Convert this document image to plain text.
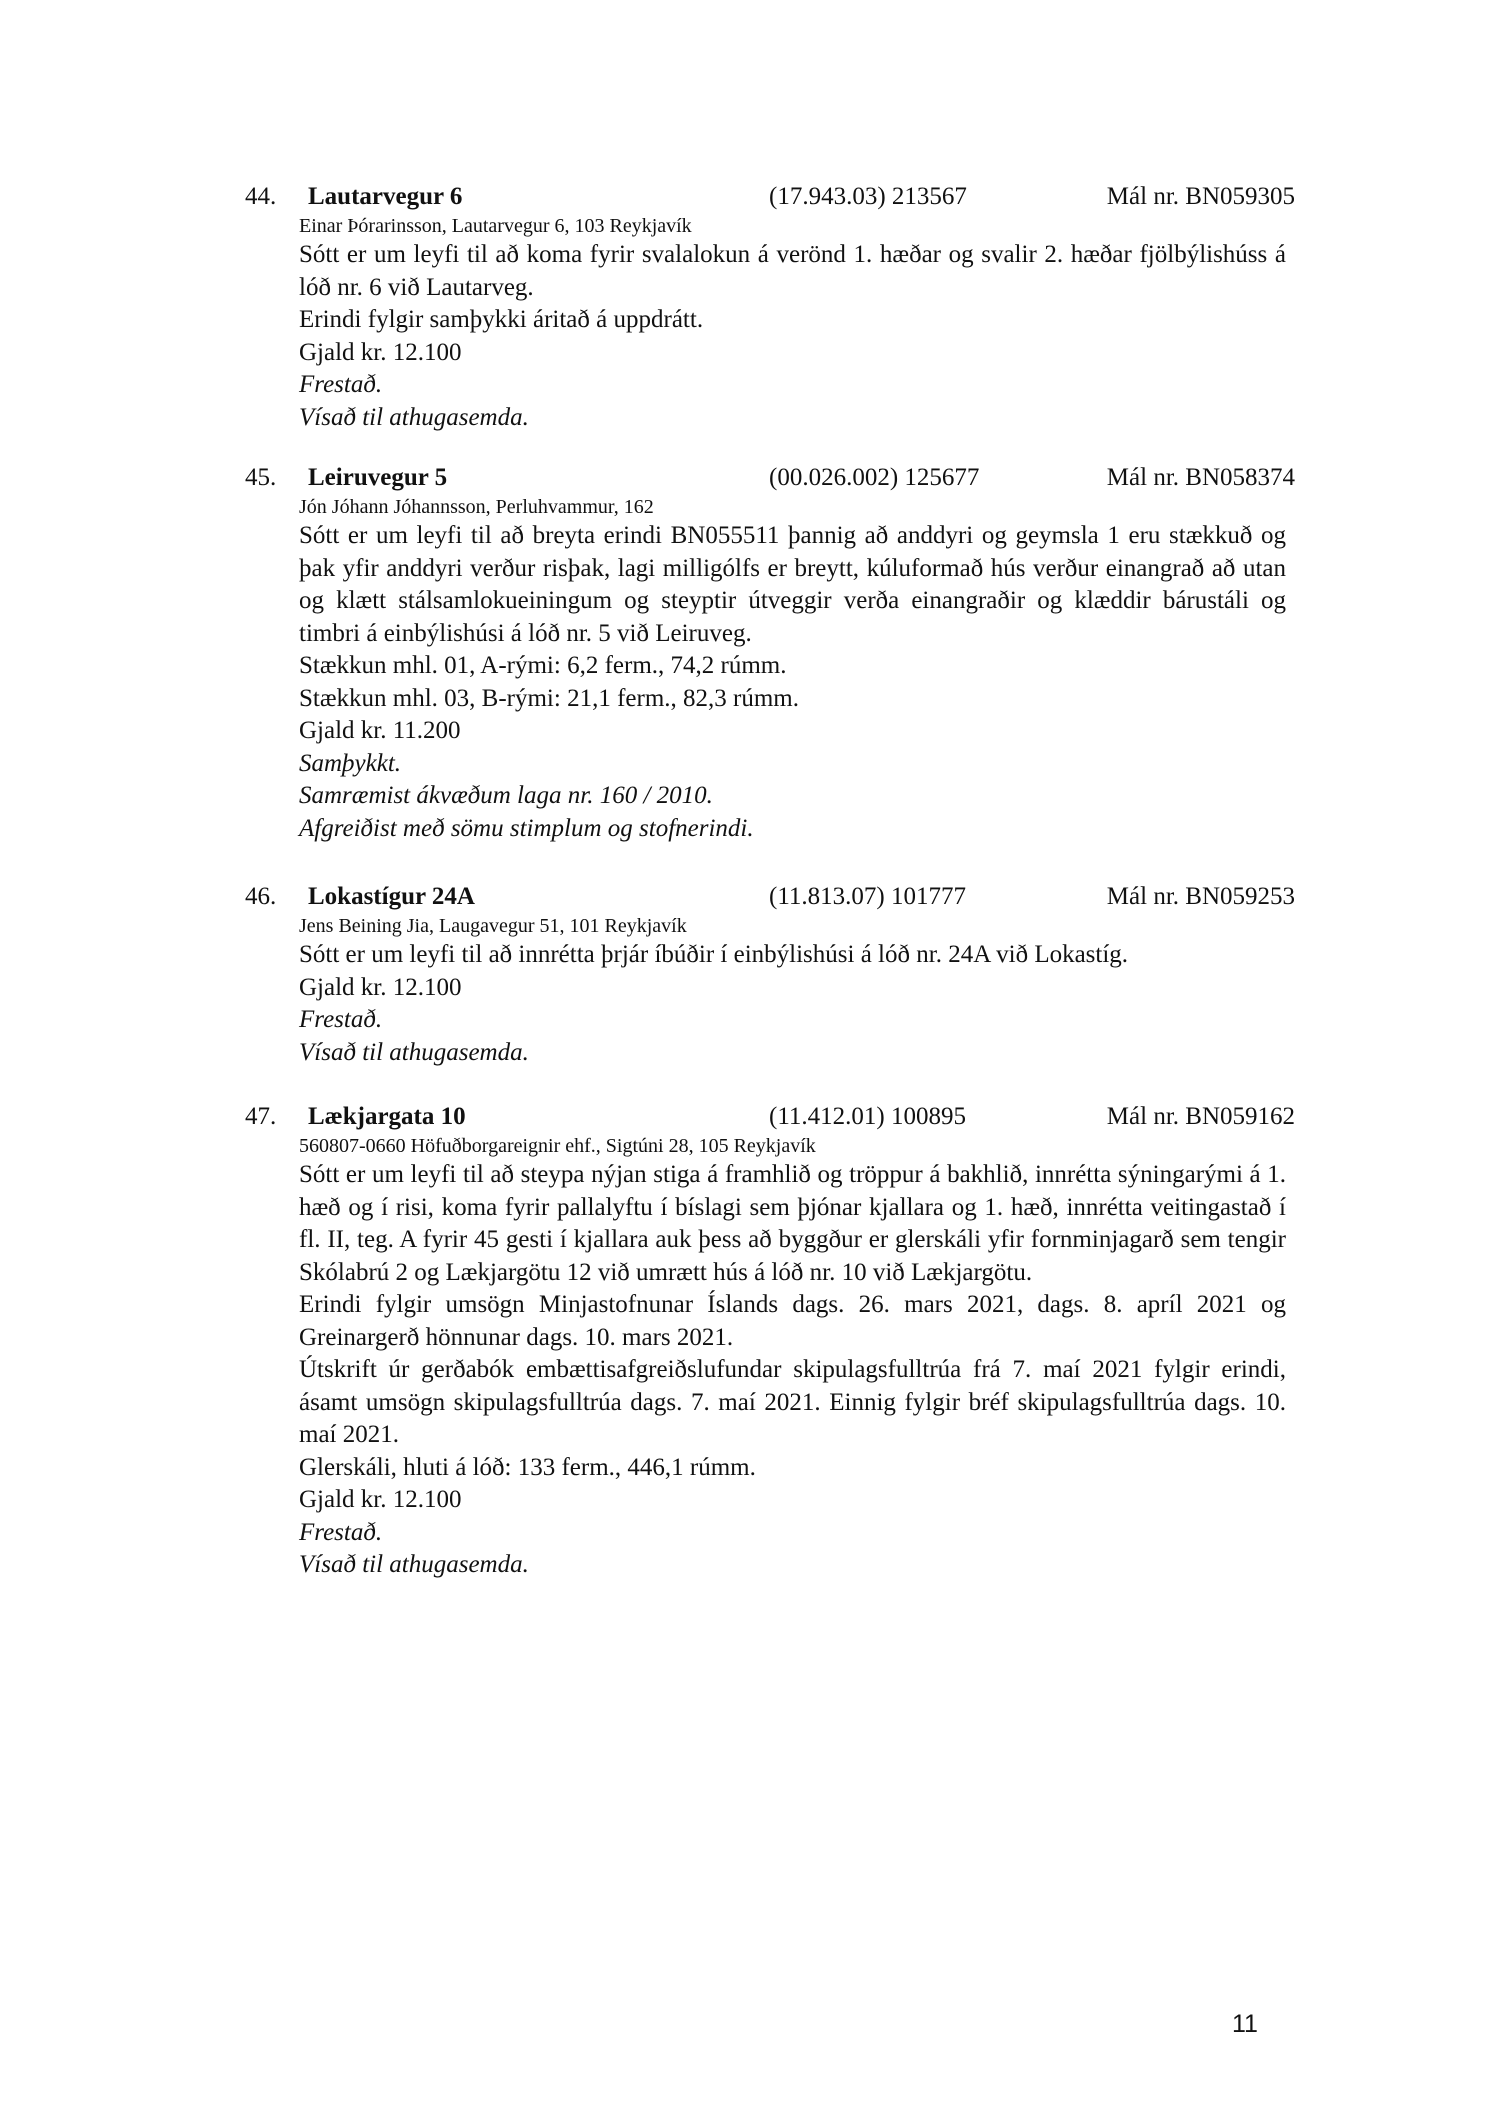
44. Lautarvegur 6	(17.943.03) 213567	Mál nr. BN059305
Einar Þórarinsson, Lautarvegur 6, 103 Reykjavík
Sótt er um leyfi til að koma fyrir svalalokun á verönd 1. hæðar og svalir 2. hæðar fjölbýlishúss á lóð nr. 6 við Lautarveg.
Erindi fylgir samþykki áritað á uppdrátt.
Gjald kr. 12.100
Frestað.
Vísað til athugasemda.
45. Leiruvegur 5	(00.026.002) 125677	Mál nr. BN058374
Jón Jóhann Jóhannsson, Perluhvammur, 162
Sótt er um leyfi til að breyta erindi BN055511 þannig að anddyri og geymsla 1 eru stækkuð og þak yfir anddyri verður risþak, lagi milligólfs er breytt, kúluformað hús verður einangrað að utan og klætt stálsamlokueiningum og steyptir útveggir verða einangraðir og klæddir bárustáli og timbri á einbýlishúsi á lóð nr. 5 við Leiruveg.
Stækkun mhl. 01, A-rými: 6,2 ferm., 74,2 rúmm.
Stækkun mhl. 03, B-rými: 21,1 ferm., 82,3 rúmm.
Gjald kr. 11.200
Samþykkt.
Samræmist ákvæðum laga nr. 160 / 2010.
Afgreiðist með sömu stimplum og stofnerindi.
46. Lokastígur 24A	(11.813.07) 101777	Mál nr. BN059253
Jens Beining Jia, Laugavegur 51, 101 Reykjavík
Sótt er um leyfi til að innrétta þrjár íbúðir í einbýlishúsi á lóð nr. 24A við Lokastíg.
Gjald kr. 12.100
Frestað.
Vísað til athugasemda.
47. Lækjargata 10	(11.412.01) 100895	Mál nr. BN059162
560807-0660 Höfuðborgareignir ehf., Sigtúni 28, 105 Reykjavík
Sótt er um leyfi til að steypa nýjan stiga á framhlið og tröppur á bakhlið, innrétta sýningarými á 1. hæð og í risi, koma fyrir pallalyftu í bíslagi sem þjónar kjallara og 1. hæð, innrétta veitingastað í fl. II, teg. A fyrir 45 gesti í kjallara auk þess að byggður er glerskáli yfir fornminjagarð sem tengir Skólabrú 2 og Lækjargötu 12 við umrætt hús á lóð nr. 10 við Lækjargötu.
Erindi fylgir umsögn Minjastofnunar Íslands dags. 26. mars 2021, dags. 8. apríl 2021 og Greinargerð hönnunar dags. 10. mars 2021.
Útskrift úr gerðabók embættisafgreiðslufundar skipulagsfulltrúa frá 7. maí 2021 fylgir erindi, ásamt umsögn skipulagsfulltrúa dags. 7. maí 2021. Einnig fylgir bréf skipulagsfulltrúa dags. 10. maí 2021.
Glerskáli, hluti á lóð: 133 ferm., 446,1 rúmm.
Gjald kr. 12.100
Frestað.
Vísað til athugasemda.
11
